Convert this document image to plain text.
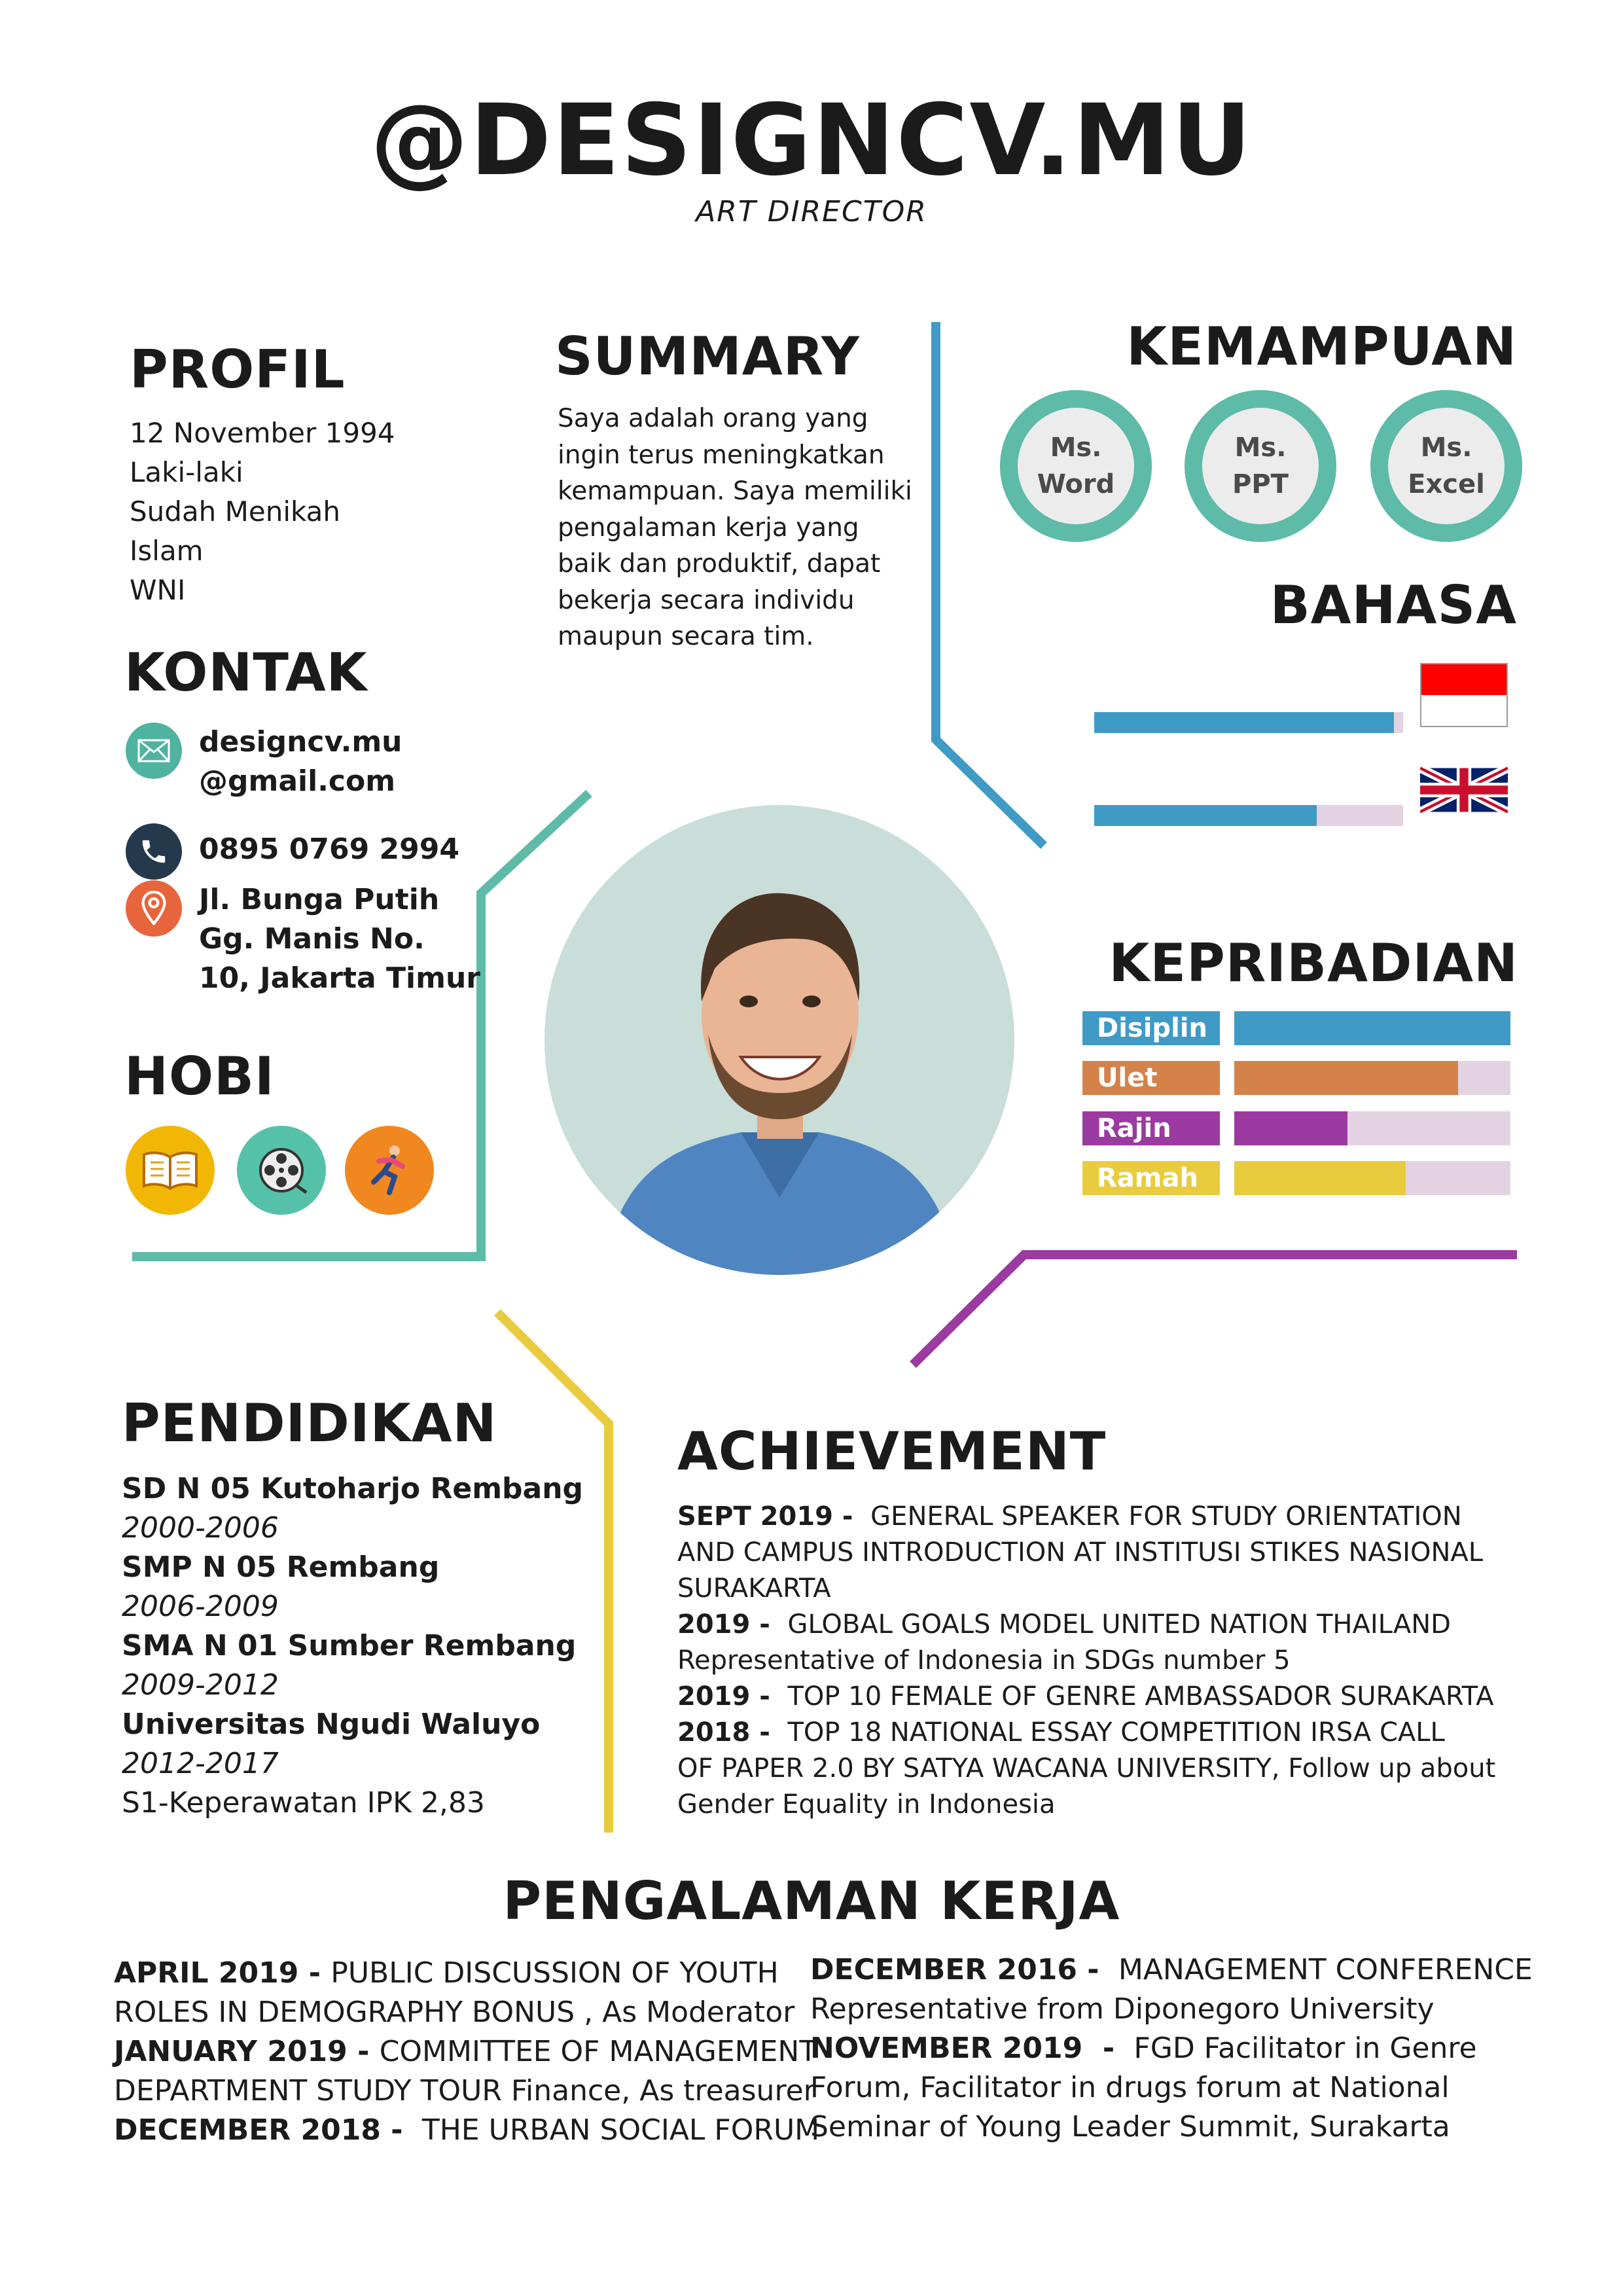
@DESIGNCV.MU
ART DIRECTOR
PROFIL
12 November 1994
Laki-laki
Sudah Menikah
Islam
WNI
SUMMARY
Saya adalah orang yang
ingin terus meningkatkan
kemampuan. Saya memiliki
pengalaman kerja yang
baik dan produktif, dapat
bekerja secara individu
maupun secara tim.
KEMAMPUAN
Ms.
Word
Ms.
PPT
Ms.
Excel
BAHASA
KONTAK
designcv.mu
@gmail.com
0895 0769 2994
Jl. Bunga Putih
Gg. Manis No.
10, Jakarta Timur
HOBI
KEPRIBADIAN
Disiplin
Ulet
Rajin
Ramah
PENDIDIKAN
SD N 05 Kutoharjo Rembang
2000-2006
SMP N 05 Rembang
2006-2009
SMA N 01 Sumber Rembang
2009-2012
Universitas Ngudi Waluyo
2012-2017
S1-Keperawatan IPK 2,83
ACHIEVEMENT
SEPT 2019 -  GENERAL SPEAKER FOR STUDY ORIENTATION
AND CAMPUS INTRODUCTION AT INSTITUSI STIKES NASIONAL
SURAKARTA
2019 -  GLOBAL GOALS MODEL UNITED NATION THAILAND
Representative of Indonesia in SDGs number 5
2019 -  TOP 10 FEMALE OF GENRE AMBASSADOR SURAKARTA
2018 -  TOP 18 NATIONAL ESSAY COMPETITION IRSA CALL
OF PAPER 2.0 BY SATYA WACANA UNIVERSITY, Follow up about
Gender Equality in Indonesia
PENGALAMAN KERJA
APRIL 2019 - PUBLIC DISCUSSION OF YOUTH
ROLES IN DEMOGRAPHY BONUS , As Moderator
JANUARY 2019 - COMMITTEE OF MANAGEMENT
DEPARTMENT STUDY TOUR Finance, As treasurer
DECEMBER 2018 -  THE URBAN SOCIAL FORUM
DECEMBER 2016 -  MANAGEMENT CONFERENCE
Representative from Diponegoro University
NOVEMBER 2019  -  FGD Facilitator in Genre
Forum, Facilitator in drugs forum at National
Seminar of Young Leader Summit, Surakarta
